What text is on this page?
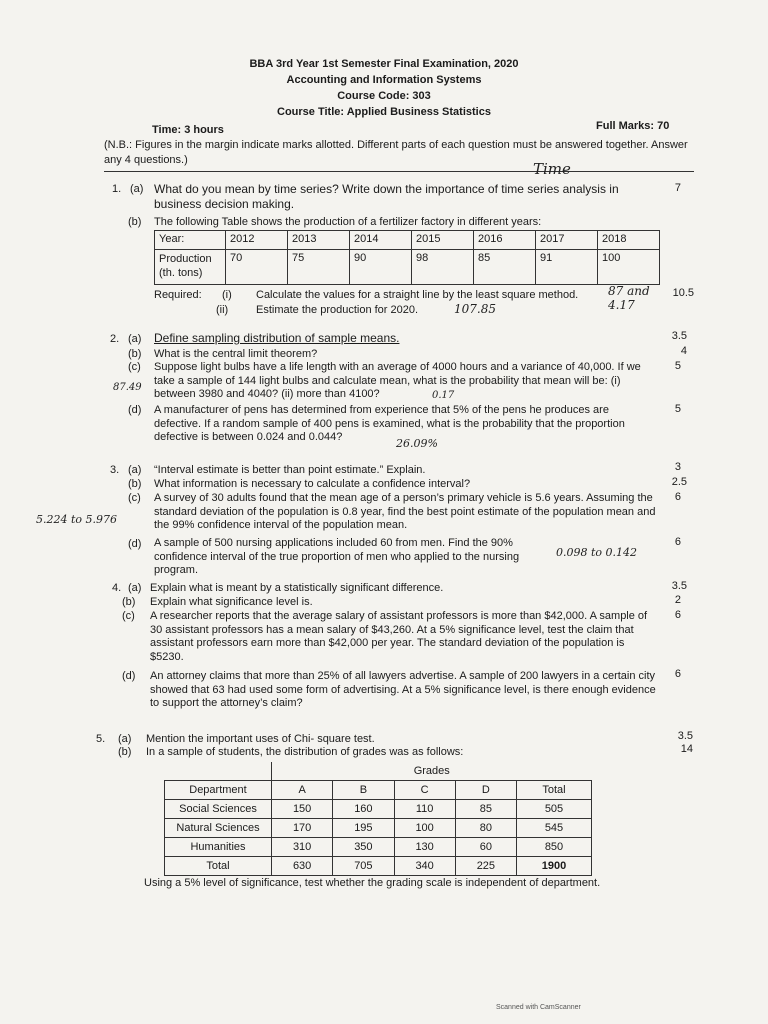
BBA 3rd Year 1st Semester Final Examination, 2020
Accounting and Information Systems
Course Code: 303
Course Title: Applied Business Statistics
Time: 3 hours	Full Marks: 70
(N.B.: Figures in the margin indicate marks allotted. Different parts of each question must be answered together. Answer any 4 questions.)	Time
1. (a) What do you mean by time series? Write down the importance of time series analysis in business decision making.
7
(b) The following Table shows the production of a fertilizer factory in different years:
Year:	2012	2013	2014	2015	2016	2017	2018
Production (th. tons)	70	75	90	98	85	91	100
Required: (i) Calculate the values for a straight line by the least square method.
(ii)	Estimate the production for 2020.
10.5
87 and 4.17
107.85
2. (a) Define sampling distribution of sample means.	3.5
(b) What is the central limit theorem?	4
(c) Suppose light bulbs have a life length with an average of 4000 hours and a variance of 40,000. If we take a sample of 144 light bulbs and calculate mean, what is the probability that mean will be: (i) between 3980 and 4040? (ii) more than 4100?
5
87.49
0.17
(d) A manufacturer of pens has determined from experience that 5% of the pens he produces are defective. If a random sample of 400 pens is examined, what is the probability that the proportion defective is between 0.024 and 0.044?
5
26.09%
3. (a) “Interval estimate is better than point estimate.” Explain.	3
(b) What information is necessary to calculate a confidence interval?	2.5
(c) A survey of 30 adults found that the mean age of a person’s primary vehicle is 5.6 years. Assuming the standard deviation of the population is 0.8 year, find the best point estimate of the population mean and the 99% confidence interval of the population mean.
6
5.224 to 5.976
(d) A sample of 500 nursing applications included 60 from men. Find the 90% confidence interval of the true proportion of men who applied to the nursing program.
6
0.098 to 0.142
4. (a) Explain what is meant by a statistically significant difference.	3.5
(b) Explain what significance level is.	2
(c) A researcher reports that the average salary of assistant professors is more than $42,000. A sample of 30 assistant professors has a mean salary of $43,260. At a 5% significance level, test the claim that assistant professors earn more than $42,000 per year. The standard deviation of the population is $5230.
6
(d) An attorney claims that more than 25% of all lawyers advertise. A sample of 200 lawyers in a certain city showed that 63 had used some form of advertising. At a 5% significance level, is there enough evidence to support the attorney’s claim?
6
5. (a) Mention the important uses of Chi- square test.	3.5
(b) In a sample of students, the distribution of grades was as follows:	14
	Grades				
Department	A	B	C	D	Total
Social Sciences	150	160	110	85	505
Natural Sciences	170	195	100	80	545
Humanities	310	350	130	60	850
Total	630	705	340	225	1900
Using a 5% level of significance, test whether the grading scale is independent of department.
Scanned with CamScanner
